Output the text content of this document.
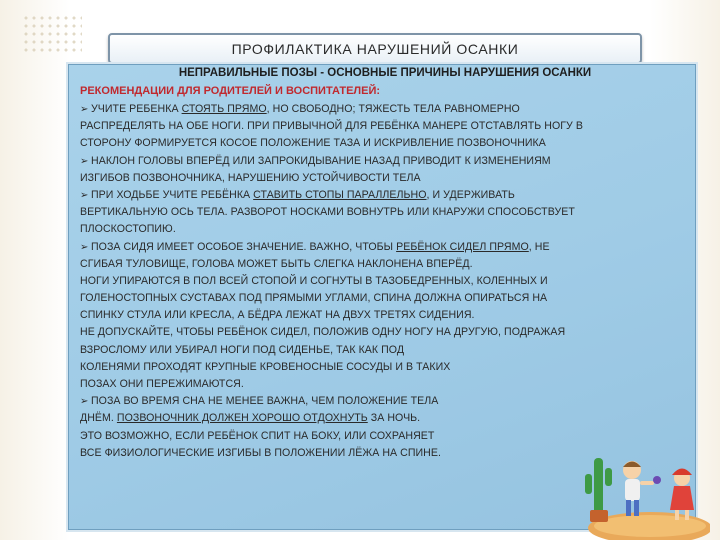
ПРОФИЛАКТИКА НАРУШЕНИЙ ОСАНКИ
НЕПРАВИЛЬНЫЕ ПОЗЫ - ОСНОВНЫЕ ПРИЧИНЫ НАРУШЕНИЯ ОСАНКИ
РЕКОМЕНДАЦИИ ДЛЯ РОДИТЕЛЕЙ И ВОСПИТАТЕЛЕЙ:
➢ УЧИТЕ РЕБЕНКА СТОЯТЬ ПРЯМО, НО СВОБОДНО; ТЯЖЕСТЬ ТЕЛА РАВНОМЕРНО
РАСПРЕДЕЛЯТЬ НА ОБЕ НОГИ. ПРИ ПРИВЫЧНОЙ ДЛЯ РЕБЁНКА МАНЕРЕ ОТСТАВЛЯТЬ НОГУ В
СТОРОНУ ФОРМИРУЕТСЯ КОСОЕ ПОЛОЖЕНИЕ ТАЗА И ИСКРИВЛЕНИЕ ПОЗВОНОЧНИКА
➢ НАКЛОН ГОЛОВЫ ВПЕРЁД ИЛИ ЗАПРОКИДЫВАНИЕ НАЗАД ПРИВОДИТ К ИЗМЕНЕНИЯМ
ИЗГИБОВ ПОЗВОНОЧНИКА, НАРУШЕНИЮ УСТОЙЧИВОСТИ ТЕЛА
➢ ПРИ ХОДЬБЕ УЧИТЕ РЕБЁНКА СТАВИТЬ СТОПЫ ПАРАЛЛЕЛЬНО, И УДЕРЖИВАТЬ
ВЕРТИКАЛЬНУЮ ОСЬ ТЕЛА. РАЗВОРОТ НОСКАМИ ВОВНУТРЬ ИЛИ КНАРУЖИ СПОСОБСТВУЕТ
ПЛОСКОСТОПИЮ.
➢ ПОЗА СИДЯ ИМЕЕТ ОСОБОЕ ЗНАЧЕНИЕ. ВАЖНО, ЧТОБЫ РЕБЁНОК СИДЕЛ ПРЯМО, НЕ
СГИБАЯ ТУЛОВИЩЕ, ГОЛОВА МОЖЕТ БЫТЬ СЛЕГКА НАКЛОНЕНА ВПЕРЁД.
НОГИ УПИРАЮТСЯ В ПОЛ ВСЕЙ СТОПОЙ И СОГНУТЫ В ТАЗОБЕДРЕННЫХ, КОЛЕННЫХ И
ГОЛЕНОСТОПНЫХ СУСТАВАХ ПОД ПРЯМЫМИ УГЛАМИ, СПИНА ДОЛЖНА ОПИРАТЬСЯ НА
СПИНКУ СТУЛА ИЛИ КРЕСЛА, А БЁДРА ЛЕЖАТ НА ДВУХ ТРЕТЯХ СИДЕНИЯ.
НЕ ДОПУСКАЙТЕ, ЧТОБЫ РЕБЁНОК СИДЕЛ, ПОЛОЖИВ ОДНУ НОГУ НА ДРУГУЮ, ПОДРАЖАЯ
ВЗРОСЛОМУ ИЛИ УБИРАЛ НОГИ ПОД СИДЕНЬЕ, ТАК КАК ПОД
КОЛЕНЯМИ ПРОХОДЯТ КРУПНЫЕ КРОВЕНОСНЫЕ СОСУДЫ И В ТАКИХ
ПОЗАХ ОНИ ПЕРЕЖИМАЮТСЯ.
➢ ПОЗА ВО ВРЕМЯ СНА НЕ МЕНЕЕ ВАЖНА, ЧЕМ ПОЛОЖЕНИЕ ТЕЛА
ДНЁМ. ПОЗВОНОЧНИК ДОЛЖЕН ХОРОШО ОТДОХНУТЬ ЗА НОЧЬ.
ЭТО ВОЗМОЖНО, ЕСЛИ РЕБЁНОК СПИТ НА БОКУ, ИЛИ СОХРАНЯЕТ
ВСЕ ФИЗИОЛОГИЧЕСКИЕ ИЗГИБЫ В ПОЛОЖЕНИИ ЛЁЖА НА СПИНЕ.
